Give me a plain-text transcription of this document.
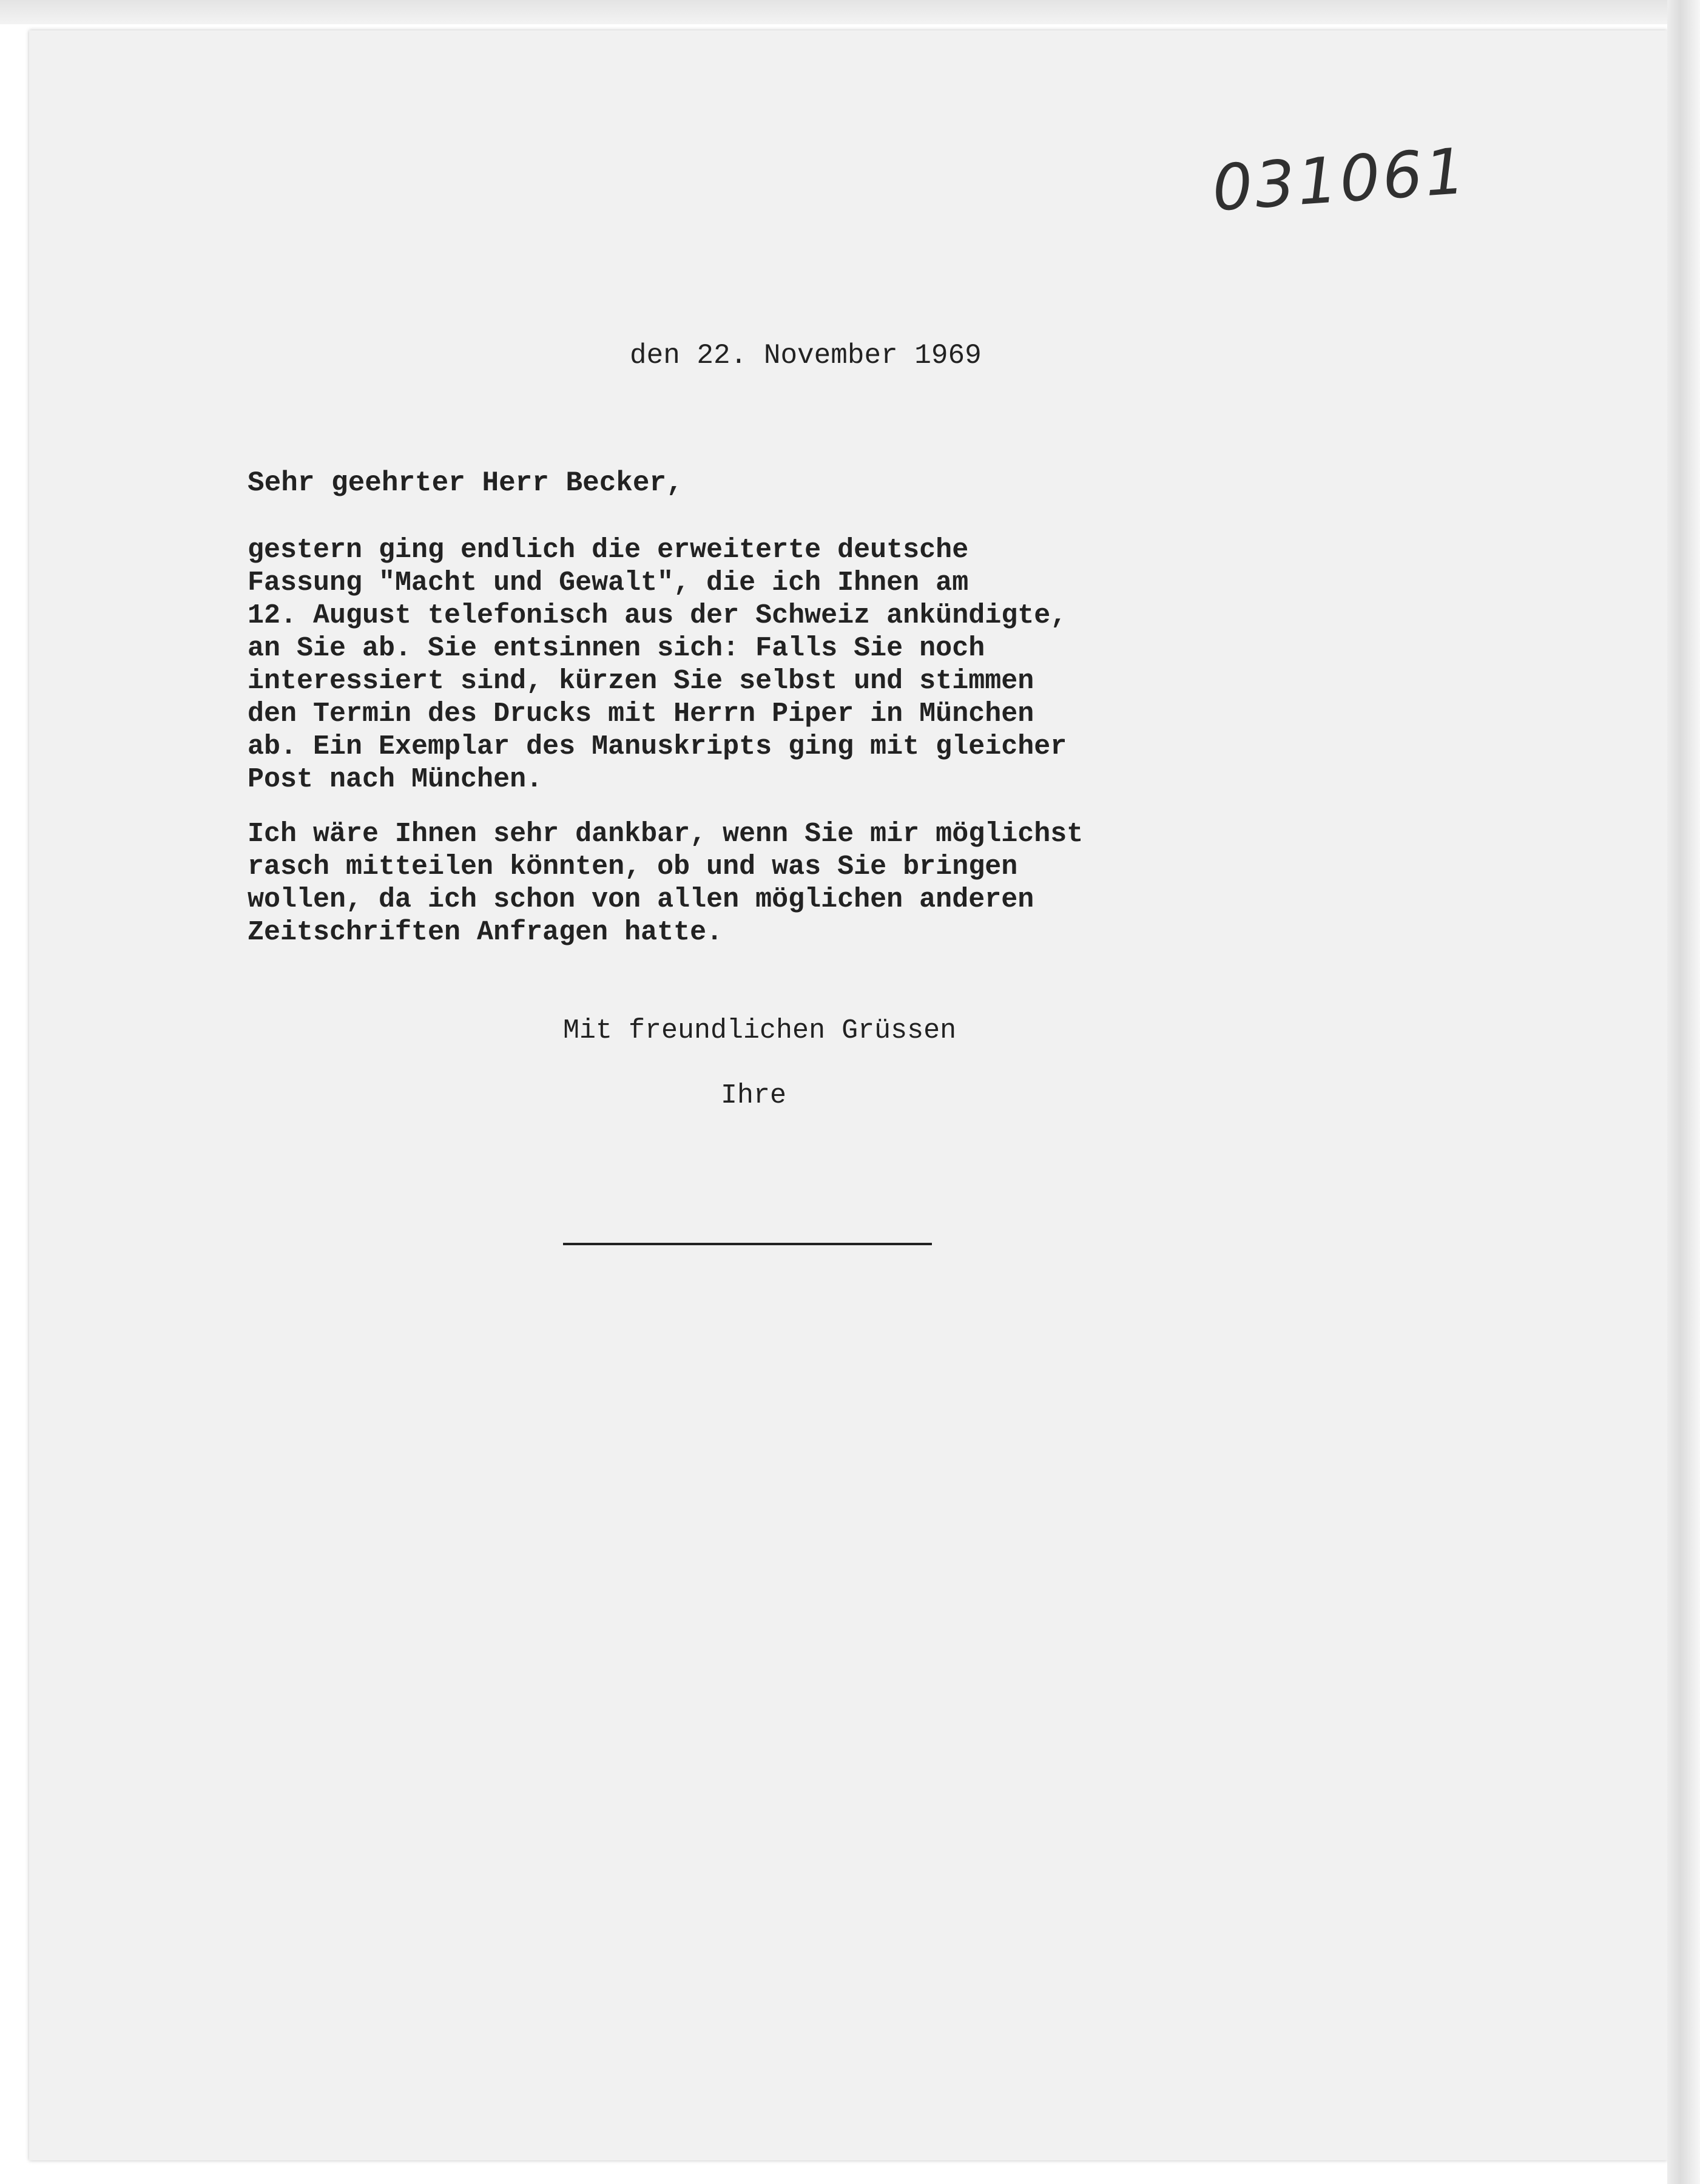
031061
den 22. November 1969
Sehr geehrter Herr Becker,
gestern ging endlich die erweiterte deutsche
Fassung "Macht und Gewalt", die ich Ihnen am
12. August telefonisch aus der Schweiz ankündigte,
an Sie ab. Sie entsinnen sich: Falls Sie noch
interessiert sind, kürzen Sie selbst und stimmen
den Termin des Drucks mit Herrn Piper in München
ab. Ein Exemplar des Manuskripts ging mit gleicher
Post nach München.
Ich wäre Ihnen sehr dankbar, wenn Sie mir möglichst
rasch mitteilen könnten, ob und was Sie bringen
wollen, da ich schon von allen möglichen anderen
Zeitschriften Anfragen hatte.
Mit freundlichen Grüssen
Ihre
